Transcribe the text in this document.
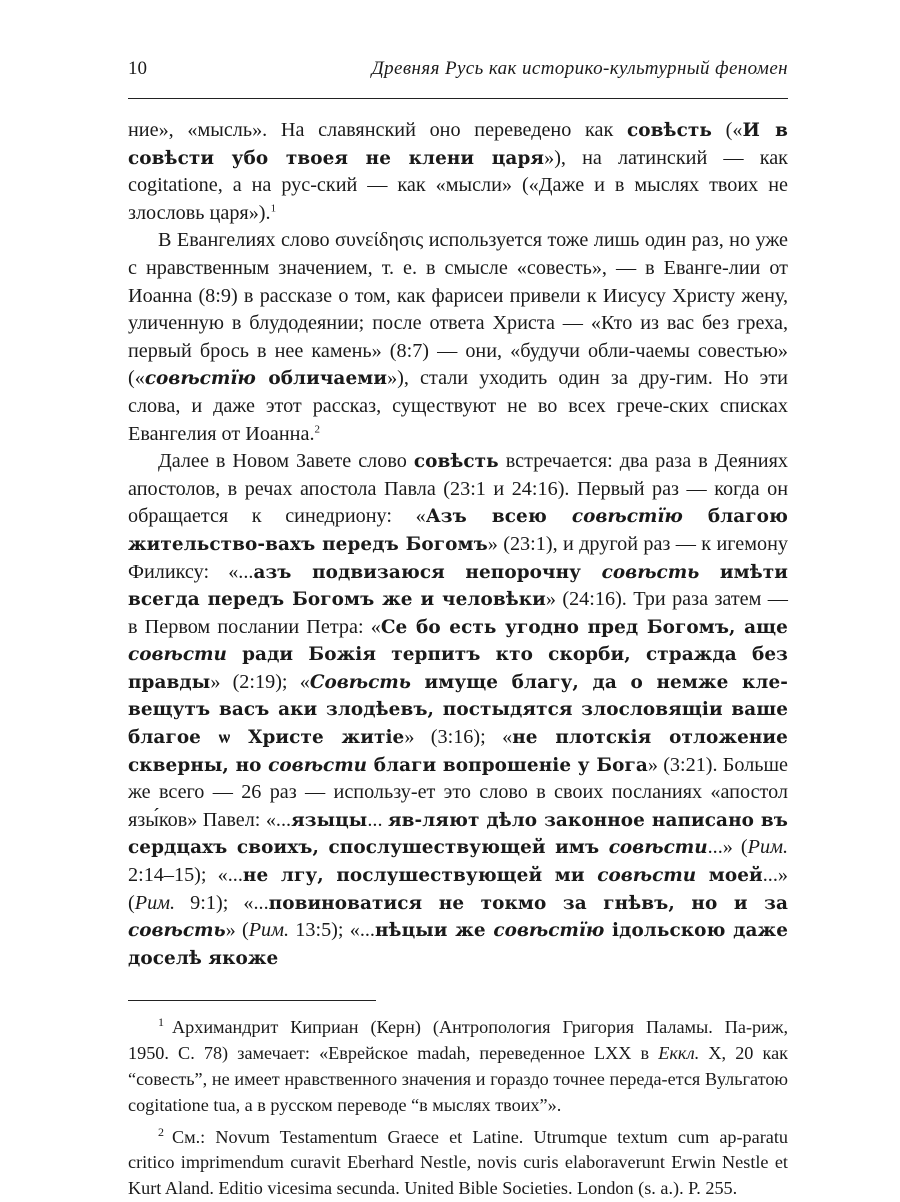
10	Древняя Русь как историко-культурный феномен

ние», «мысль». На славянский оно переведено как совѣсть («И в совѣсти убо твоея не клени царя»), на латинский — как cogitatione, а на рус-ский — как «мысли» («Даже и в мыслях твоих не злословь царя»).$^1$

В Евангелиях слово συνείδησις используется тоже лишь один раз, но уже с нравственным значением, т. е. в смысле «совесть», — в Еванге-лии от Иоанна (8:9) в рассказе о том, как фарисеи привели к Иисусу Христу жену, уличенную в блудодеянии; после ответа Христа — «Кто из вас без греха, первый брось в нее камень» (8:7) — они, «будучи обли-чаемы совестью» («совѣстїю обличаеми»), стали уходить один за дру-гим. Но эти слова, и даже этот рассказ, существуют не во всех грече-ских списках Евангелия от Иоанна.$^2$

Далее в Новом Завете слово совѣсть встречается: два раза в Деяниях апостолов, в речах апостола Павла (23:1 и 24:16). Первый раз — когда он обращается к синедриону: «Азъ всею совѣстїю благою жительство-вахъ передъ Богомъ» (23:1), и другой раз — к игемону Филиксу: «...азъ подвизаюся непорочну совѣсть имѣти всегда передъ Богомъ же и человѣки» (24:16). Три раза затем — в Первом послании Петра: «Се бо есть угодно пред Богомъ, аще совѣсти ради Божія терпитъ кто скорби, стражда без правды» (2:19); «Совѣсть имуще благу, да о немже кле-вещутъ васъ аки злодѣевъ, постыдятся злословящіи ваше благое ѡ Христе житіе» (3:16); «не плотскія отложение скверны, но совѣсти благи вопрошеніе у Бога» (3:21). Больше же всего — 26 раз — использу-ет это слово в своих посланиях «апостол язы́ков» Павел: «...языцы... яв-ляют дѣло законное написано въ сердцахъ своихъ, спослушествующей имъ совѣсти...» (Рим. 2:14–15); «...не лгу, послушествующей ми совѣсти моей...» (Рим. 9:1); «...повиноватися не токмо за гнѣвъ, но и за совѣсть» (Рим. 13:5); «...нѣцыи же совѣстїю ідольскою даже доселѣ якоже

$^1$ Архимандрит Киприан (Керн) (Антропология Григория Паламы. Па-риж, 1950. С. 78) замечает: «Еврейское madah, переведенное LXX в Еккл. X, 20 как “совесть”, не имеет нравственного значения и гораздо точнее переда-ется Вульгатою cogitatione tua, а в русском переводе “в мыслях твоих”».

$^2$ См.: Novum Testamentum Graece et Latine. Utrumque textum cum ap-paratu critico imprimendum curavit Eberhard Nestle, novis curis elaboraverunt Erwin Nestle et Kurt Aland. Editio vicesima secunda. United Bible Societies. London (s. a.). P. 255.
